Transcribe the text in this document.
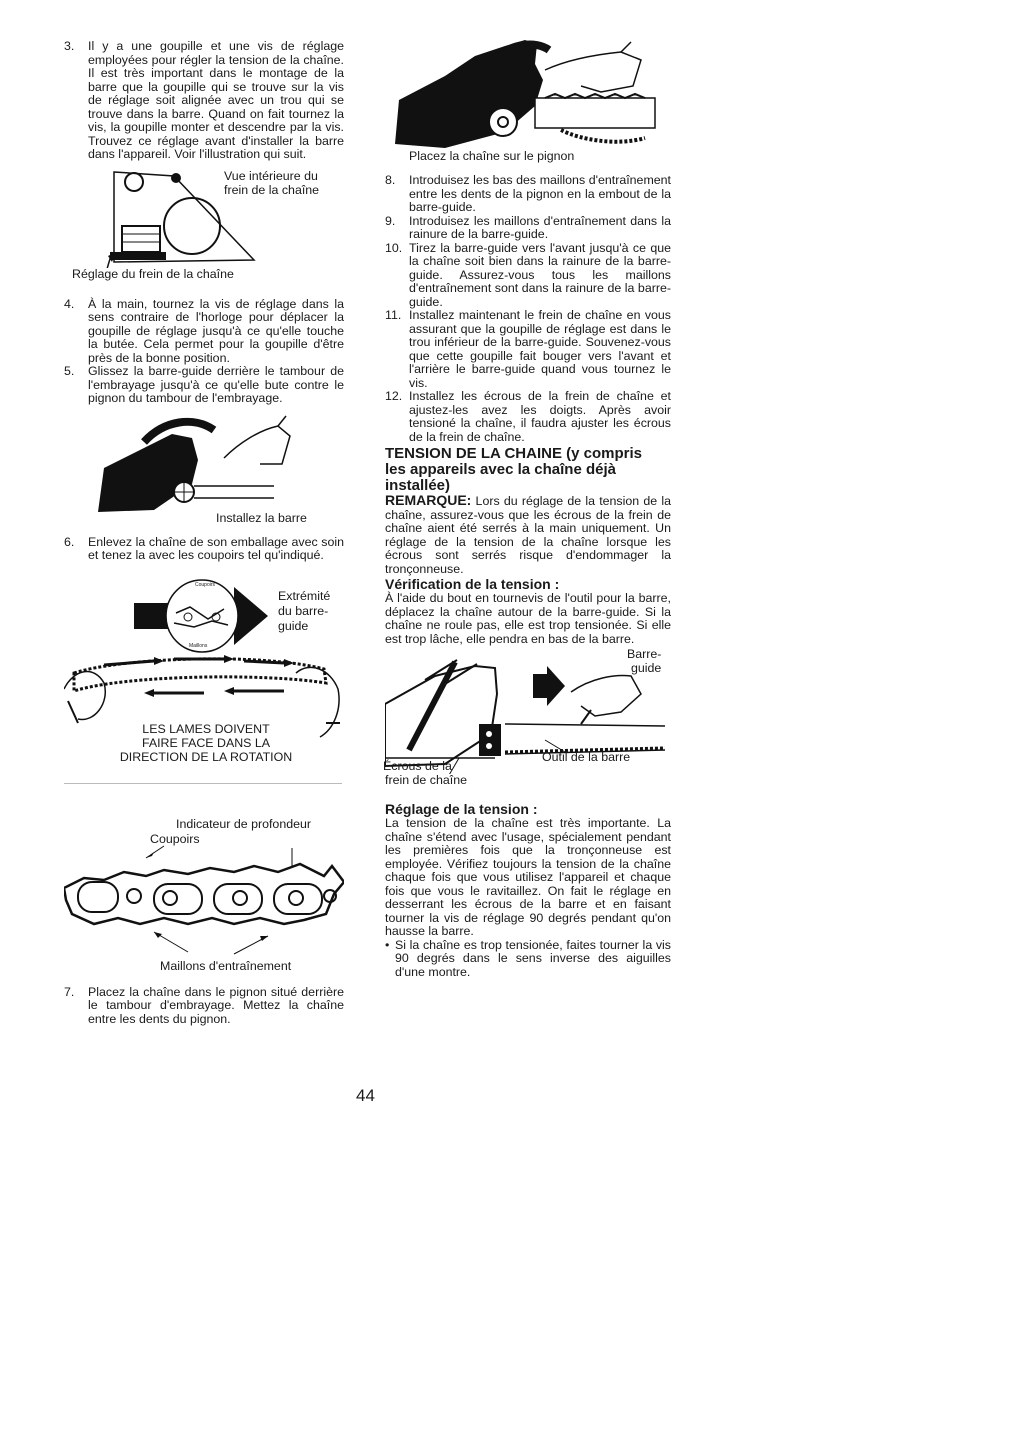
3.	Il y a une goupille et une vis de réglage employées pour régler la tension de la chaîne. Il est très important dans le montage de la barre que la goupille qui se trouve sur la vis de réglage soit alignée avec un trou qui se trouve dans la barre. Quand on fait tournez la vis, la goupille monter et descendre par la vis. Trouvez ce réglage avant d'installer la barre dans l'appareil. Voir l'illustration qui suit.
Vue intérieure du
frein de la chaîne
Réglage du frein de la chaîne
4.	À la main, tournez la vis de réglage dans la sens contraire de l'horloge pour déplacer la goupille de réglage jusqu'à ce qu'elle touche la butée. Cela permet pour la goupille d'être près de la bonne position.
5.	Glissez la barre-guide derrière le tambour de l'embrayage jusqu'à ce qu'elle bute contre le pignon du tambour de l'embrayage.
Installez la barre
6.	Enlevez la chaîne de son emballage avec soin et tenez la avec les coupoirs tel qu'indiqué.
Coupoirs
Maillons
Extrémité
du barre-
guide
LES LAMES DOIVENT
FAIRE FACE DANS LA
DIRECTION DE LA ROTATION
Indicateur de profondeur
Coupoirs
Maillons d'entraînement
7.	Placez la chaîne dans le pignon situé derrière le tambour d'embrayage. Mettez la chaîne entre les dents du pignon.
Placez la chaîne sur le pignon
8.	Introduisez les bas des maillons d'entraînement entre les dents de la pignon en la embout de la barre-guide.
9.	Introduisez les maillons d'entraînement dans la rainure de la barre-guide.
10. Tirez la barre-guide vers l'avant jusqu'à ce que la chaîne soit bien dans la rainure de la barre-guide. Assurez-vous tous les maillons d'entraînement sont dans la rainure de la barre-guide.
11. Installez maintenant le frein de chaîne en vous assurant que la goupille de réglage est dans le trou inférieur de la barre-guide. Souvenez-vous que cette goupille fait bouger vers l'avant et l'arrière le barre-guide quand vous tournez le vis.
12. Installez les écrous de la frein de chaîne et ajustez-les avez les doigts. Après avoir tensioné la chaîne, il faudra ajuster les écrous de la frein de chaîne.
TENSION DE LA CHAINE (y compris les appareils avec la chaîne déjà installée)

REMARQUE: Lors du réglage de la tension de la chaîne, assurez-vous que les écrous de la frein de chaîne aient été serrés à la main uniquement. Un réglage de la tension de la chaîne lorsque les écrous sont serrés risque d'endommager la tronçonneuse.

Vérification de la tension :

À l'aide du bout en tournevis de l'outil pour la barre, déplacez la chaîne autour de la barre-guide. Si la chaîne ne roule pas, elle est trop tensionée. Si elle est trop lâche, elle pendra en bas de la barre.

Barre-
guide
Outil de la barre
Écrous de la
frein de chaîne
Réglage de la tension :

La tension de la chaîne est très importante. La chaîne s'étend avec l'usage, spécialement pendant les premières fois que la tronçonneuse est employée. Vérifiez toujours la tension de la chaîne chaque fois que vous utilisez l'appareil et chaque fois que vous le ravitaillez. On fait le réglage en desserrant les écrous de la barre et en faisant tourner la vis de réglage 90 degrés pendant qu'on hausse la barre.

• Si la chaîne es trop tensionée, faites tourner la vis 90 degrés dans le sens inverse des aiguilles d'une montre.
44
